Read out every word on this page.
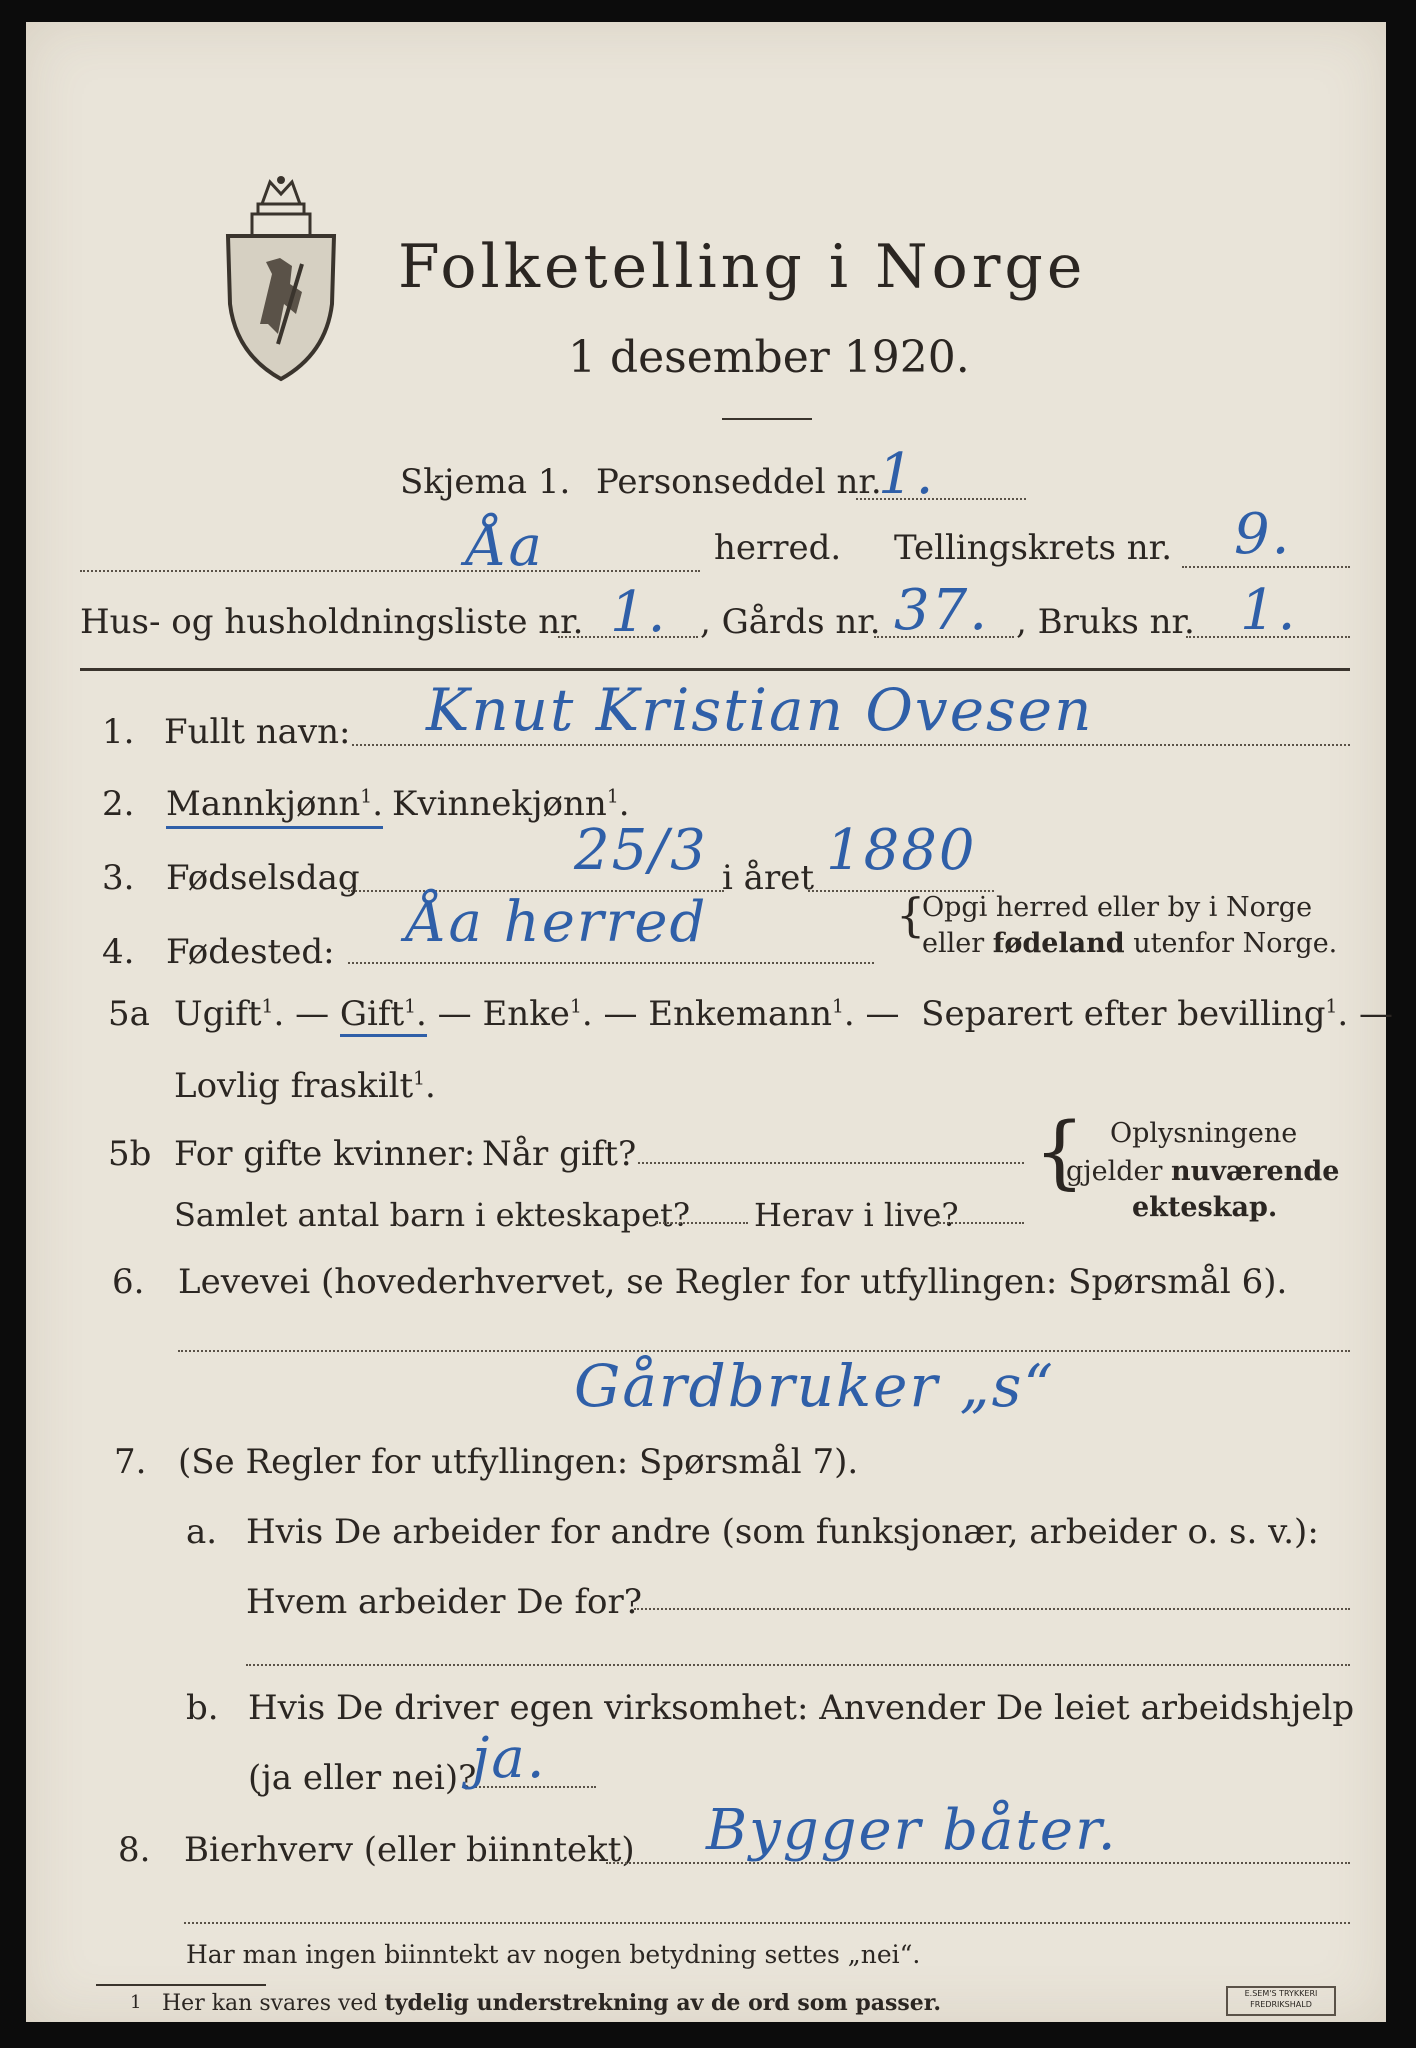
Folketelling i Norge
1 desember 1920.
Skjema 1. Personseddel nr.
1.
Åa	herred. Tellingskrets nr. 9.
Hus- og husholdningsliste nr. 1. , Gårds nr. 37. , Bruks nr. 1.
1. Fullt navn: Knut Kristian Ovesen
2. Mannkjønn$^1$. Kvinnekjønn$^1$.
3. Fødselsdag	25/3 i året 1880
4. Fødested: Åa herred	{
Opgi herred eller by i Norge
eller fødeland utenfor Norge.
5a Ugift$^1$. — Gift$^1$. — Enke$^1$. — Enkemann$^1$. — Separert efter bevilling$^1$. —
Lovlig fraskilt$^1$.
5b For gifte kvinner: Når gift?
Samlet antal barn i ekteskapet? Herav i live?
{ Oplysningene
gjelder nuværende
ekteskap.
6. Levevei (hovederhvervet, se Regler for utfyllingen: Spørsmål 6).
Gårdbruker „s“
7. (Se Regler for utfyllingen: Spørsmål 7).
a. Hvis De arbeider for andre (som funksjonær, arbeider o. s. v.):
Hvem arbeider De for?
b. Hvis De driver egen virksomhet: Anvender De leiet arbeidshjelp
(ja eller nei)?
ja.
8. Bierhverv (eller biinntekt) Bygger båter.
Har man ingen biinntekt av nogen betydning settes „nei“.
1 Her kan svares ved tydelig understrekning av de ord som passer.	E.SEM'S TRYKKERI
FREDRIKSHALD
